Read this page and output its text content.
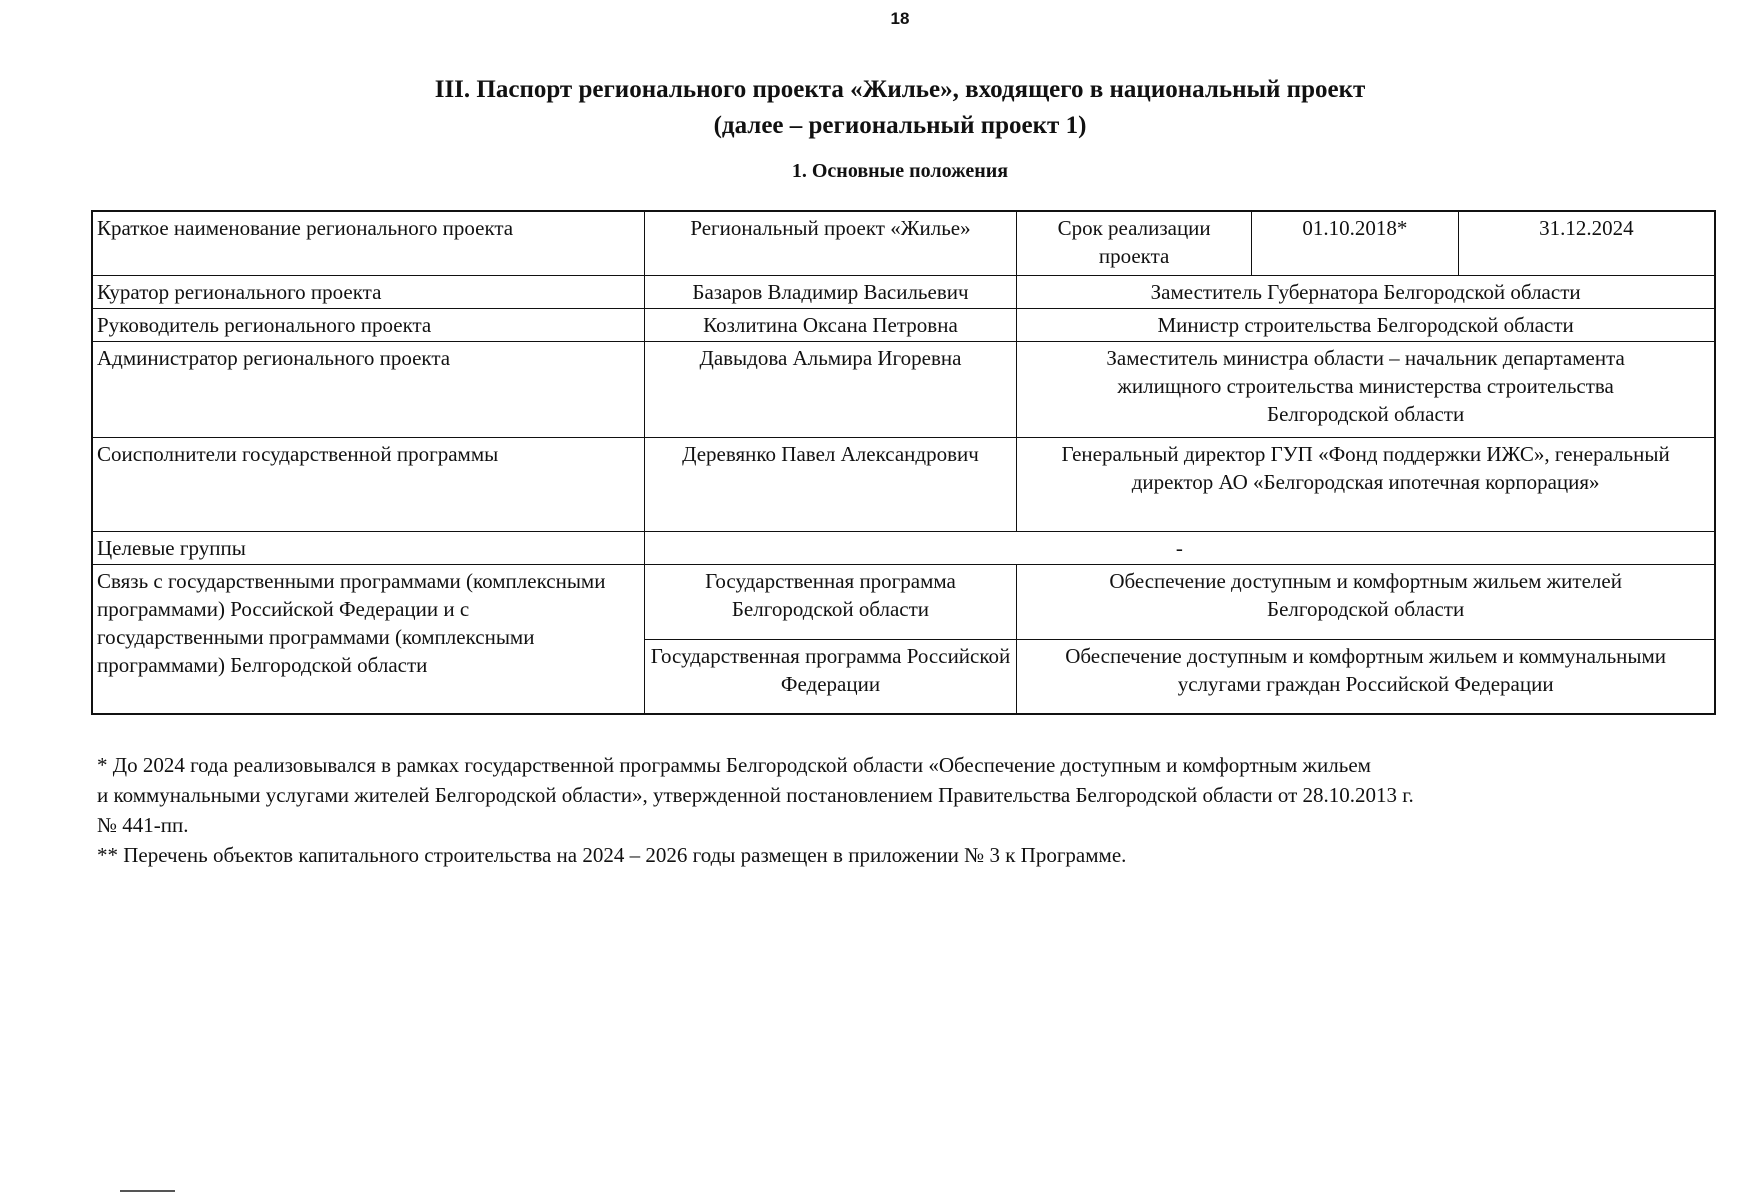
18
III. Паспорт регионального проекта «Жилье», входящего в национальный проект
(далее – региональный проект 1)
1. Основные положения
Краткое наименование регионального проекта	Региональный проект «Жилье»	Срок реализации проекта	01.10.2018*	31.12.2024
Куратор регионального проекта	Базаров Владимир Васильевич	Заместитель Губернатора Белгородской области		
Руководитель регионального проекта	Козлитина Оксана Петровна	Министр строительства Белгородской области		
Администратор регионального проекта	Давыдова Альмира Игоревна	Заместитель министра области – начальник департамента жилищного строительства министерства строительства Белгородской области		
Соисполнители государственной программы	Деревянко Павел Александрович	Генеральный директор ГУП «Фонд поддержки ИЖС», генеральный директор АО «Белгородская ипотечная корпорация»		
Целевые группы	-			
Связь с государственными программами (комплексными программами) Российской Федерации и с государственными программами (комплексными программами) Белгородской области	Государственная программа Белгородской области	Обеспечение доступным и комфортным жильем жителей Белгородской области		
	Государственная программа Российской Федерации	Обеспечение доступным и комфортным жильем и коммунальными услугами граждан Российской Федерации		

* До 2024 года реализовывался в рамках государственной программы Белгородской области «Обеспечение доступным и комфортным жильем
и коммунальными услугами жителей Белгородской области», утвержденной постановлением Правительства Белгородской области от 28.10.2013 г.
№ 441-пп.

** Перечень объектов капитального строительства на 2024 – 2026 годы размещен в приложении № 3 к Программе.
